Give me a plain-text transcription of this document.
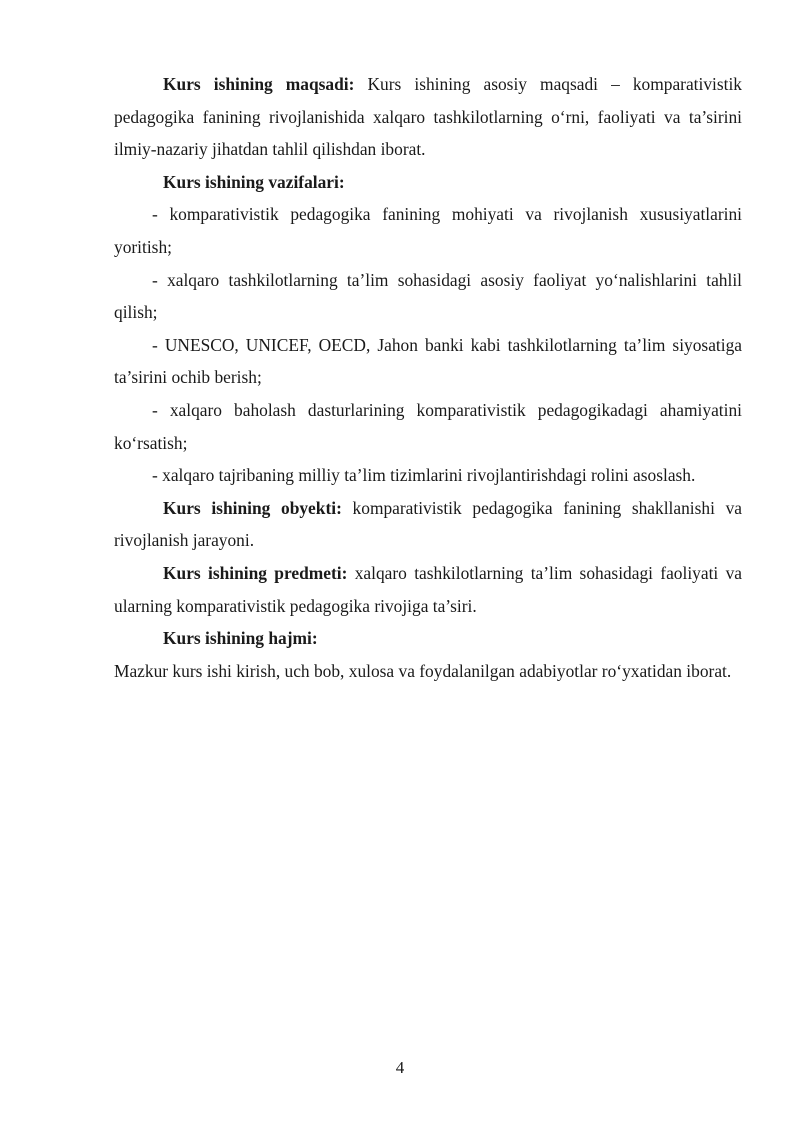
Kurs ishining maqsadi: Kurs ishining asosiy maqsadi – komparativistik pedagogika fanining rivojlanishida xalqaro tashkilotlarning o‘rni, faoliyati va ta’sirini ilmiy-nazariy jihatdan tahlil qilishdan iborat.

Kurs ishining vazifalari:

- komparativistik pedagogika fanining mohiyati va rivojlanish xususiyatlarini yoritish;

- xalqaro tashkilotlarning ta’lim sohasidagi asosiy faoliyat yo‘nalishlarini tahlil qilish;

- UNESCO, UNICEF, OECD, Jahon banki kabi tashkilotlarning ta’lim siyosatiga ta’sirini ochib berish;

- xalqaro baholash dasturlarining komparativistik pedagogikadagi ahamiyatini ko‘rsatish;

- xalqaro tajribaning milliy ta’lim tizimlarini rivojlantirishdagi rolini asoslash.

Kurs ishining obyekti: komparativistik pedagogika fanining shakllanishi va rivojlanish jarayoni.

Kurs ishining predmeti: xalqaro tashkilotlarning ta’lim sohasidagi faoliyati va ularning komparativistik pedagogika rivojiga ta’siri.

Kurs ishining hajmi:

Mazkur kurs ishi kirish, uch bob, xulosa va foydalanilgan adabiyotlar ro‘yxatidan iborat.

4
